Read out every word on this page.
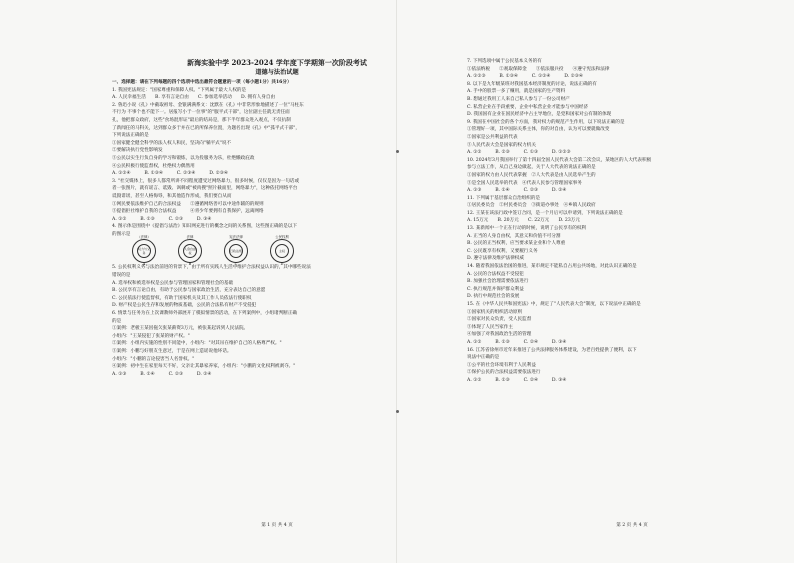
新海实验中学 2023-2024 学年度下学期第一次阶段考试
道德与法治试题
一、选择题：请在下列每题的四个选项中选出最符合题意的一项（每小题1分）共16分）
1. 我国宪法规定："国家尊重和保障人权。"下列属于最大人权的是
A. 人民幸福生活　　B. 享有言论自由　　C. 参加选举活动　　D. 拥有人身自由
2. 鲁迅小说《孔》中截取祖母、金银满满系文：沈默在《孔》中非常形象地描述了一位"马柱东
不行为 不事个也不能下一。居报写小于一位事"的"服平式干部"，这位副主任就无责任面
孔，他把群众政府，这些"食场混形证"最后的结局是，那下半年群众进入观点，不仅抗制
了新闻任的马科关，达到群众多于并在已的所保养位置，为题名出现《孔》中"孤平式干部"，
下列说法正确的是
①国家健全健全科学的法人权人和民，坚决向"躺平式"说不
②要解决执行党性影响发
③公民以实生行负自身的学习和锻炼，以为投服务为乐，杜绝懒政庇政
④公民积极行使监督权，杜绝权力偶然用
A. ①②④　　　B. ①③④　　　C. ②③④　　　D. ②③④
3. "社交媒体上，很多人都常所讲不同程度遭受过网络暴力，很多时候，仅仅是因为一句话或
者一张图片，就有谣言、诋毁、讽刺或"被肉搜"照片截面里，网络暴力"，这种依托网络平台
诋毁诽谤，甚至人格侮辱，和其他造作形成，我们要自从而
①网民要依法维护自己的合法权益　　②遵循网络善可以中途作辅的的规则
③提倡拒社维护自我的合法权益　　　④青少年要拥有自我保护，远离网络
A. ①②　　　B. ①③　　　C. ②③　　　D. ③④
4. 图示体是围绕中《提倡与法治》知识网充进行的概念之间的关系图，这些图正确的是以下
的图示是
（法律）
权力与义务
A
法律
人身自由权
B
宪法法律
行政法规
C
公民权利
主权
D
5. 公民权利义务与法治前进的背景下，由于所有实践人生活中维护合法权益认识的，其中哪些说法
错误的是
A. 选举权和被选举权是公民参与管理国家和管理社会的基础
B. 公民享有言论自由，有助于公民参与国家政治生活，充分表达自己的意愿
C. 公民依法行使监督权，有助于国家机关及其工作人员依法行使职权
D. 财产权是公民生存和发展的物质基础，公民的合法私有财产不受侵犯
6. 情景与任务为在上次课教师外部展开了模拟情景的活动，在下列案例中，小组诸判断正确
的是
①案例：老板王某因拖欠张某薪资3万元，被张某起诉到人民法院。
小组内："王某侵犯了张某的财产权。"
②案例：小组内实施的性别不同能中，小组内："对其吊在维护自己的人格尊严权。"
③案例：小鹏与好朋友生意过，于是在网上造谣说他坏话。
小组内："小鹏的言论侵害当人名誉权。"
④案例：初中生在家里每天不好，父亲让其暴家养家，小组内："小鹏的文化权利被剥夺。"
A. ①③　　　B. ①④　　　C. ②③　　　D. ②④
第 1 页 共 4 页
7. 下列选项中属于公民基本义务的有
①依法纳税　　②观取保障金　　③依法服兵役　　④遵守宪法和法律
A. ①②③　　　B. ①③④　　　C. ①②④　　　D. ②③④
8. 以下是九年级某班对我国基本经济制度的讨论，说法正确的有
A. 手中的股票一多了赚用，就是国家的生产资料
B. 想通过我用工人来自己私人参与了一份公司财产
C. 私营企业在手段重要，企业中私营企业才能参与中国经济
D. 我国国有企业在国民经济中占主导地位，是党和国家对公有制的体现
9. 我国在中国社会的各个方面，我对权力的规范产生作用，以下说法正确的是
①管理好一项，其中国际关系主体，你的对自由，认为可以要就做改变
②国家是公共利益的代表
③人民代表大会是国家的权力机关
A. ①②　　　B. ②③　　　C. ①③　　　D. ①②③
10. 2024年3月我国举行了第十四届全国人民代表大会第二次会议，某地区的人大代表积极
参与立法工作，从自己身边做起，关于人大代表的说法正确的是
①国家的权力由人民代表掌握　②人大代表是由人民选举产生的
③是全国人民选举的代表　④代表人民参与管理国家事务
A. ①③　　　B. ①④　　　C. ②③　　　D. ②④
11. 下列属于基层群众自治组织的是
①居民委员会　②村民委员会　③街道办事处　④乡镇人民政府
12. 王某在该法行政中签订合同，是一个月后可以申请到，下列说法正确的是
A. 15万元　　B. 20万元　　C. 22万元　　D. 23万元
13. 某新闻中一个正在行动的时候，说明了公民享有的权利
A. 正当的人身自由权，其意义和价值不可分割
B. 公民的正当权利，应当要求某企业和个人尊重
C. 公民既享有权利，又要履行义务
D. 遵守法律及维护法律权威
14. 随着我国依法治国的推进，某市规定不能私自占用公共场地，对此认识正确的是
A. 公民的合法权益不受侵犯
B. 加强社会治理需要依法进行
C. 执行规范并保护群众利益
D. 执行中规范社会的发展
15. 在《中华人民共和国宪法》中，规定了"人民代表大会"制度，以下说法中正确的是
①国家机关的组织活动原则
②国家对民众负责，受人民监督
③体现了人民当家作主
④加强了对我国政治生活的管理
A. ①②　　　B. ①③　　　C. ②④　　　D. ③④
16. 江苏省徐州市近年来推进了公共法律服务体系建设，为老百姓提供了便利，以下
说法中正确的是
①公平的社会环境有利于人民利益
②保护公民的合法权益需要依法进行
A. ①②　　　B. ①③　　　C. ②④　　　D. ③④
第 2 页 共 4 页
